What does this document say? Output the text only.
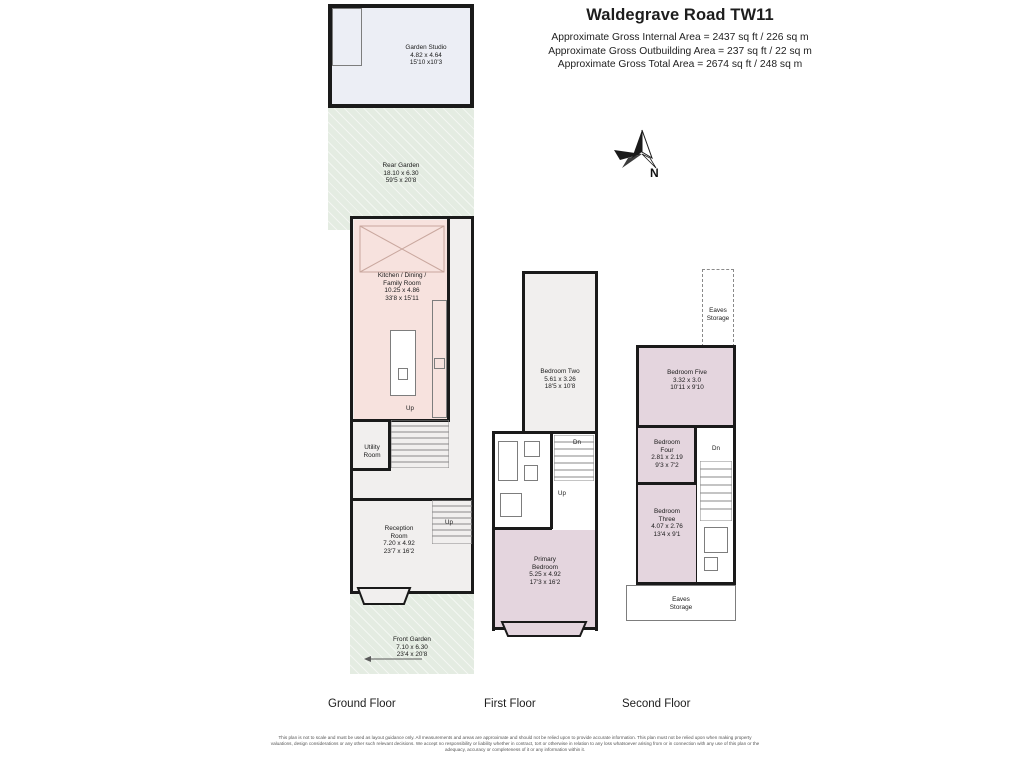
Waldegrave Road TW11
Approximate Gross Internal Area = 2437 sq ft / 226 sq m
Approximate Gross Outbuilding Area = 237 sq ft / 22 sq m
Approximate Gross Total Area = 2674 sq ft / 248 sq m
N
Garden Studio
4.82 x 4.64
15'10 x10'3
Rear Garden
18.10 x 6.30
59'5 x 20'8
Kitchen / Dining /
Family Room
10.25 x 4.86
33'8 x 15'11
Utility
Room
Up
Up
Reception
Room
7.20 x 4.92
23'7 x 16'2
Front Garden
7.10 x 6.30
23'4 x 20'8
Bedroom Two
5.61 x 3.26
18'5 x 10'8
Dn
Up
Primary
Bedroom
5.25 x 4.92
17'3 x 16'2
Eaves
Storage
Bedroom Five
3.32 x 3.0
10'11 x 9'10
Bedroom
Four
2.81 x 2.19
9'3 x 7'2
Bedroom
Three
4.07 x 2.76
13'4 x 9'1
Dn
Eaves
Storage
Ground Floor	First Floor	Second Floor
This plan is not to scale and must be used as layout guidance only. All measurements and areas are approximate and should not be relied upon to provide accurate information. This plan must not be relied upon when making property valuations, design considerations or any other such relevant decisions. We accept no responsibility or liability whether in contract, tort or otherwise in relation to any loss whatsoever arising from or in connection with any use of this plan or the adequacy, accuracy or completeness of it or any information within it.
